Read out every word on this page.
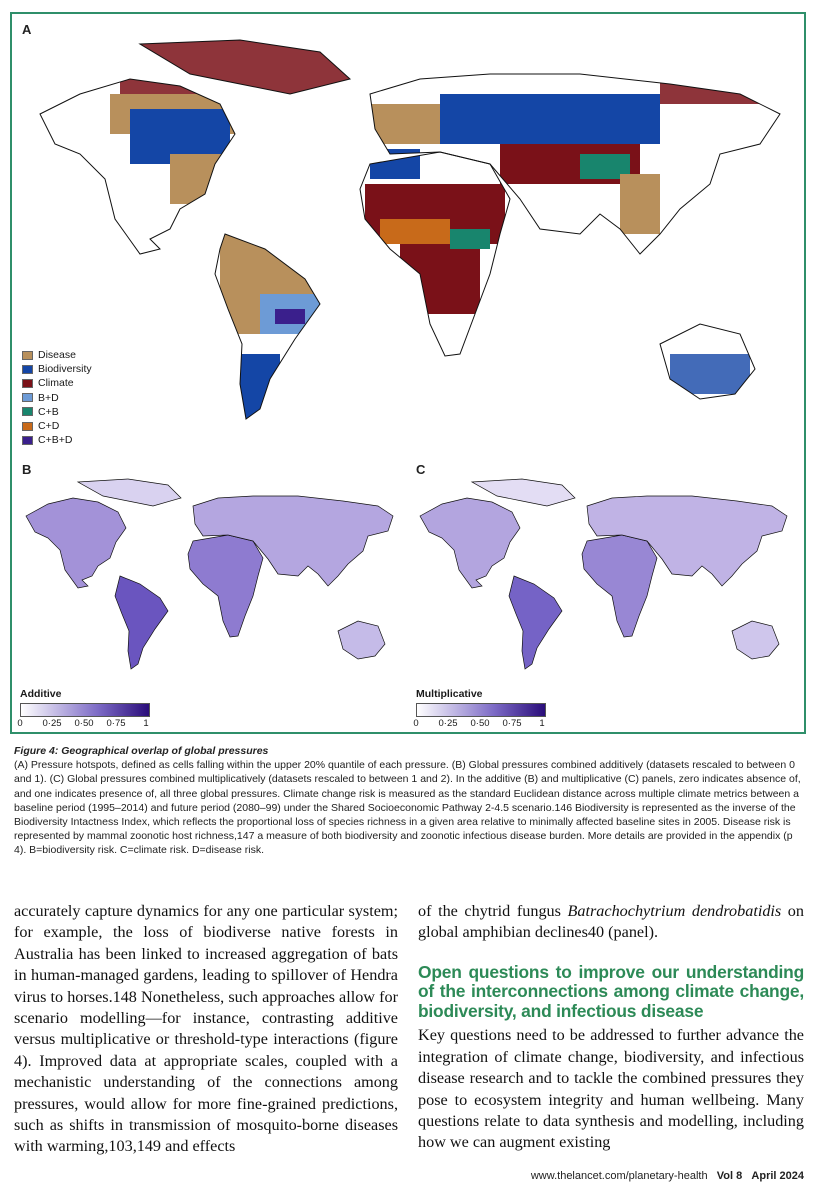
A
Disease
Biodiversity
Climate
B+D
C+B
C+D
C+B+D
B
Additive
0 0·25 0·50 0·75 1
C
Multiplicative
0 0·25 0·50 0·75 1
Figure 4: Geographical overlap of global pressures
(A) Pressure hotspots, defined as cells falling within the upper 20% quantile of each pressure. (B) Global pressures combined additively (datasets rescaled to between 0 and 1). (C) Global pressures combined multiplicatively (datasets rescaled to between 1 and 2). In the additive (B) and multiplicative (C) panels, zero indicates absence of, and one indicates presence of, all three global pressures. Climate change risk is measured as the standard Euclidean distance across multiple climate metrics between a baseline period (1995–2014) and future period (2080–99) under the Shared Socioeconomic Pathway 2-4.5 scenario.146 Biodiversity is represented as the inverse of the Biodiversity Intactness Index, which reflects the proportional loss of species richness in a given area relative to minimally affected baseline sites in 2005. Disease risk is represented by mammal zoonotic host richness,147 a measure of both biodiversity and zoonotic infectious disease burden. More details are provided in the appendix (p 4). B=biodiversity risk. C=climate risk. D=disease risk.

accurately capture dynamics for any one particular system; for example, the loss of biodiverse native forests in Australia has been linked to increased aggregation of bats in human-managed gardens, leading to spillover of Hendra virus to horses.148 Nonetheless, such approaches allow for scenario modelling—for instance, contrasting additive versus multiplicative or threshold-type interactions (figure 4). Improved data at appropriate scales, coupled with a mechanistic understanding of the connections among pressures, would allow for more fine-grained predictions, such as shifts in transmission of mosquito-borne diseases with warming,103,149 and effects

of the chytrid fungus Batrachochytrium dendrobatidis on global amphibian declines40 (panel).

Open questions to improve our understanding of the interconnections among climate change, biodiversity, and infectious disease

Key questions need to be addressed to further advance the integration of climate change, biodiversity, and infectious disease research and to tackle the combined pressures they pose to ecosystem integrity and human wellbeing. Many questions relate to data synthesis and modelling, including how we can augment existing

www.thelancet.com/planetary-health Vol 8 April 2024
